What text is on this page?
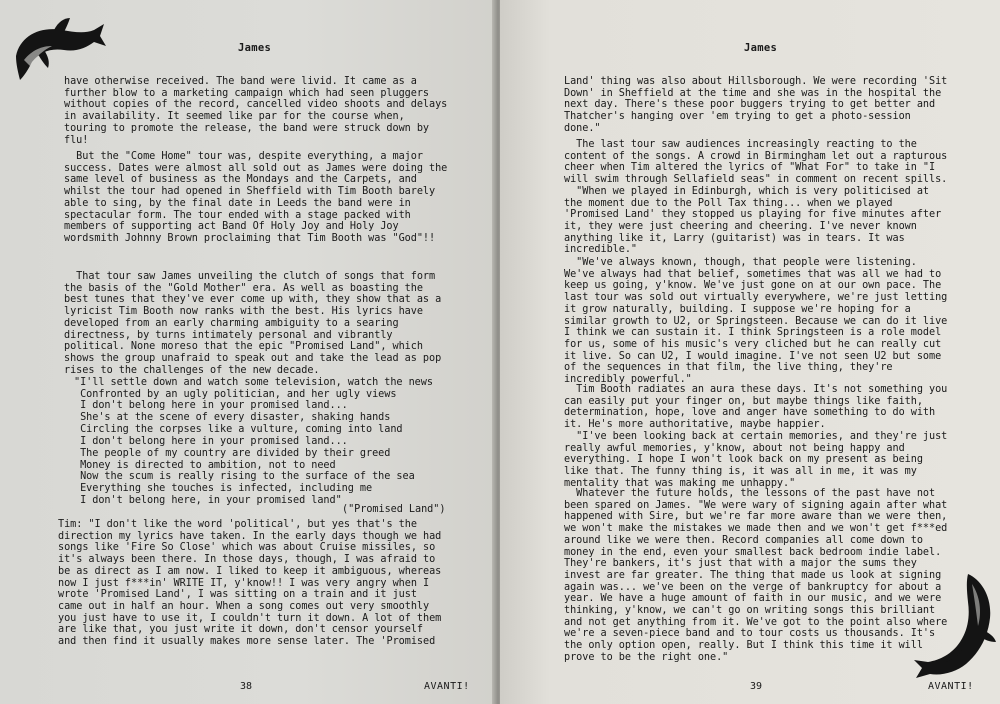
James
have otherwise received. The band were livid. It came as a
further blow to a marketing campaign which had seen pluggers
without copies of the record, cancelled video shoots and delays
in availability. It seemed like par for the course when,
touring to promote the release, the band were struck down by
flu!
But the "Come Home" tour was, despite everything, a major
success. Dates were almost all sold out as James were doing the
same level of business as the Mondays and the Carpets, and
whilst the tour had opened in Sheffield with Tim Booth barely
able to sing, by the final date in Leeds the band were in
spectacular form. The tour ended with a stage packed with
members of supporting act Band Of Holy Joy and Holy Joy
wordsmith Johnny Brown proclaiming that Tim Booth was "God"!!
That tour saw James unveiling the clutch of songs that form
the basis of the "Gold Mother" era. As well as boasting the
best tunes that they've ever come up with, they show that as a
lyricist Tim Booth now ranks with the best. His lyrics have
developed from an early charming ambiguity to a searing
directness, by turns intimately personal and vibrantly
political. None moreso that the epic "Promised Land", which
shows the group unafraid to speak out and take the lead as pop
rises to the challenges of the new decade.
"I'll settle down and watch some television, watch the news
Confronted by an ugly politician, and her ugly views
I don't belong here in your promised land...
She's at the scene of every disaster, shaking hands
Circling the corpses like a vulture, coming into land
I don't belong here in your promised land...
The people of my country are divided by their greed
Money is directed to ambition, not to need
Now the scum is really rising to the surface of the sea
Everything she touches is infected, including me
I don't belong here, in your promised land"
("Promised Land")
Tim: "I don't like the word 'political', but yes that's the
direction my lyrics have taken. In the early days though we had
songs like 'Fire So Close' which was about Cruise missiles, so
it's always been there. In those days, though, I was afraid to
be as direct as I am now. I liked to keep it ambiguous, whereas
now I just f***in' WRITE IT, y'know!! I was very angry when I
wrote 'Promised Land', I was sitting on a train and it just
came out in half an hour. When a song comes out very smoothly
you just have to use it, I couldn't turn it down. A lot of them
are like that, you just write it down, don't censor yourself
and then find it usually makes more sense later. The 'Promised
38	AVANTI!
James
Land' thing was also about Hillsborough. We were recording 'Sit
Down' in Sheffield at the time and she was in the hospital the
next day. There's these poor buggers trying to get better and
Thatcher's hanging over 'em trying to get a photo-session
done."
The last tour saw audiences increasingly reacting to the
content of the songs. A crowd in Birmingham let out a rapturous
cheer when Tim altered the lyrics of "What For" to take in "I
will swim through Sellafield seas" in comment on recent spills.
"When we played in Edinburgh, which is very politicised at
the moment due to the Poll Tax thing... when we played
'Promised Land' they stopped us playing for five minutes after
it, they were just cheering and cheering. I've never known
anything like it, Larry (guitarist) was in tears. It was
incredible."
"We've always known, though, that people were listening.
We've always had that belief, sometimes that was all we had to
keep us going, y'know. We've just gone on at our own pace. The
last tour was sold out virtually everywhere, we're just letting
it grow naturally, building. I suppose we're hoping for a
similar growth to U2, or Springsteen. Because we can do it live
I think we can sustain it. I think Springsteen is a role model
for us, some of his music's very cliched but he can really cut
it live. So can U2, I would imagine. I've not seen U2 but some
of the sequences in that film, the live thing, they're
incredibly powerful."
Tim Booth radiates an aura these days. It's not something you
can easily put your finger on, but maybe things like faith,
determination, hope, love and anger have something to do with
it. He's more authoritative, maybe happier.
"I've been looking back at certain memories, and they're just
really awful memories, y'know, about not being happy and
everything. I hope I won't look back on my present as being
like that. The funny thing is, it was all in me, it was my
mentality that was making me unhappy."
Whatever the future holds, the lessons of the past have not
been spared on James. "We were wary of signing again after what
happened with Sire, but we're far more aware than we were then,
we won't make the mistakes we made then and we won't get f***ed
around like we were then. Record companies all come down to
money in the end, even your smallest back bedroom indie label.
They're bankers, it's just that with a major the sums they
invest are far greater. The thing that made us look at signing
again was... we've been on the verge of bankruptcy for about a
year. We have a huge amount of faith in our music, and we were
thinking, y'know, we can't go on writing songs this brilliant
and not get anything from it. We've got to the point also where
we're a seven-piece band and to tour costs us thousands. It's
the only option open, really. But I think this time it will
prove to be the right one."
39	AVANTI!
